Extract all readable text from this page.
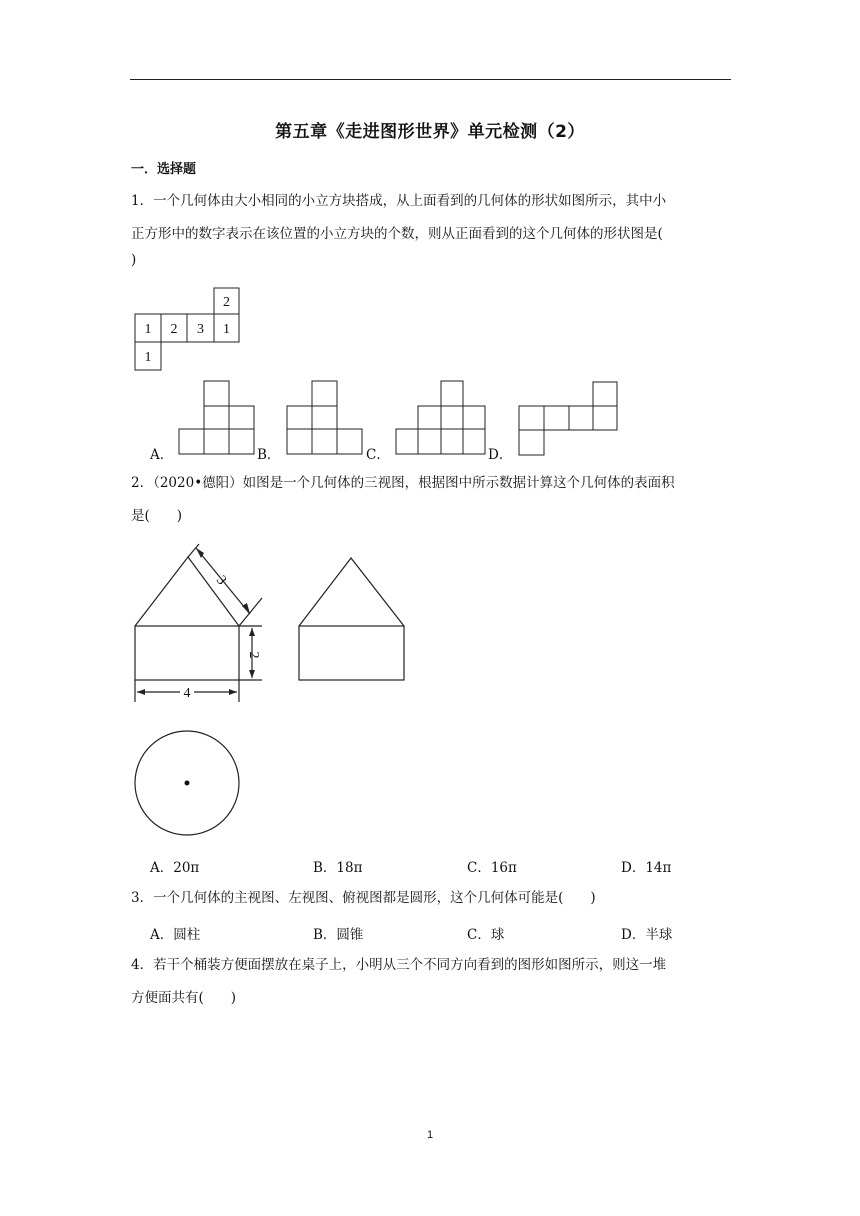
第五章《走进图形世界》单元检测（2）
一．选择题
1．一个几何体由大小相同的小立方块搭成，从上面看到的几何体的形状如图所示，其中小
正方形中的数字表示在该位置的小立方块的个数，则从正面看到的这个几何体的形状图是(
)
2
1 2 3 1
1
3
2
4
A．	B．	C．	D．
2．（2020•德阳）如图是一个几何体的三视图，根据图中所示数据计算这个几何体的表面积
是(　　)
A．20π	B．18π	C．16π	D．14π
3．一个几何体的主视图、左视图、俯视图都是圆形，这个几何体可能是(　　)
A．圆柱	B．圆锥	C．球	D．半球
4．若干个桶装方便面摆放在桌子上，小明从三个不同方向看到的图形如图所示，则这一堆
方便面共有(　　)
1
